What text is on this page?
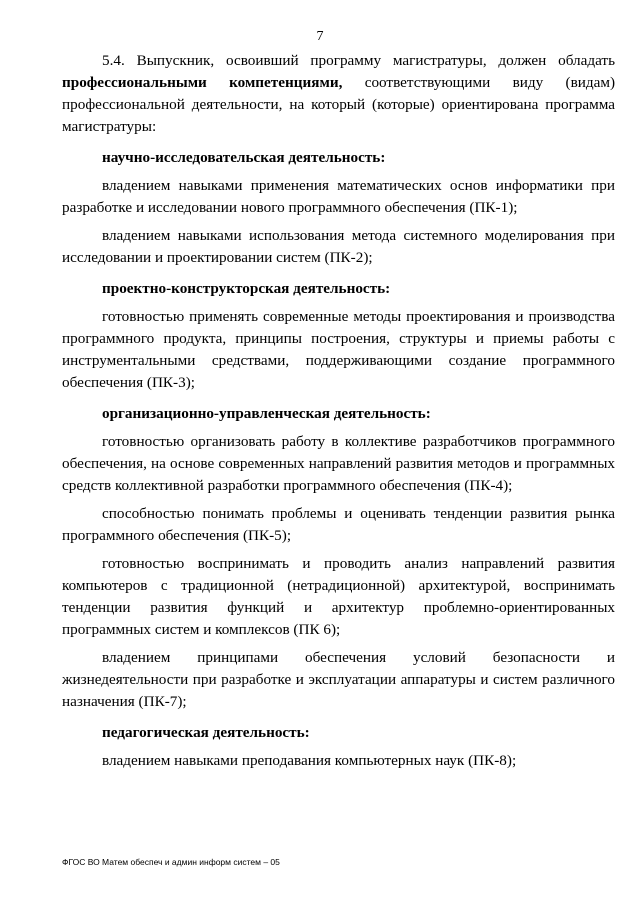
7

5.4. Выпускник, освоивший программу магистратуры, должен обладать профессиональными компетенциями, соответствующими виду (видам) профессиональной деятельности, на который (которые) ориентирована программа магистратуры:

научно-исследовательская деятельность:

владением навыками применения математических основ информатики при разработке и исследовании нового программного обеспечения (ПК-1);

владением навыками использования метода системного моделирования при исследовании и проектировании систем (ПК-2);

проектно-конструкторская деятельность:

готовностью применять современные методы проектирования и производства программного продукта, принципы построения, структуры и приемы работы с инструментальными средствами, поддерживающими создание программного обеспечения (ПК-3);

организационно-управленческая деятельность:

готовностью организовать работу в коллективе разработчиков программного обеспечения, на основе современных направлений развития методов и программных средств коллективной разработки программного обеспечения (ПК-4);

способностью понимать проблемы и оценивать тенденции развития рынка программного обеспечения (ПК-5);

готовностью воспринимать и проводить анализ направлений развития компьютеров с традиционной (нетрадиционной) архитектурой, воспринимать тенденции развития функций и архитектур проблемно-ориентированных программных систем и комплексов (ПК 6);

владением принципами обеспечения условий безопасности и жизнедеятельности при разработке и эксплуатации аппаратуры и систем различного назначения (ПК-7);

педагогическая деятельность:

владением навыками преподавания компьютерных наук (ПК-8);

ФГОС ВО Матем обеспеч и админ информ систем – 05
